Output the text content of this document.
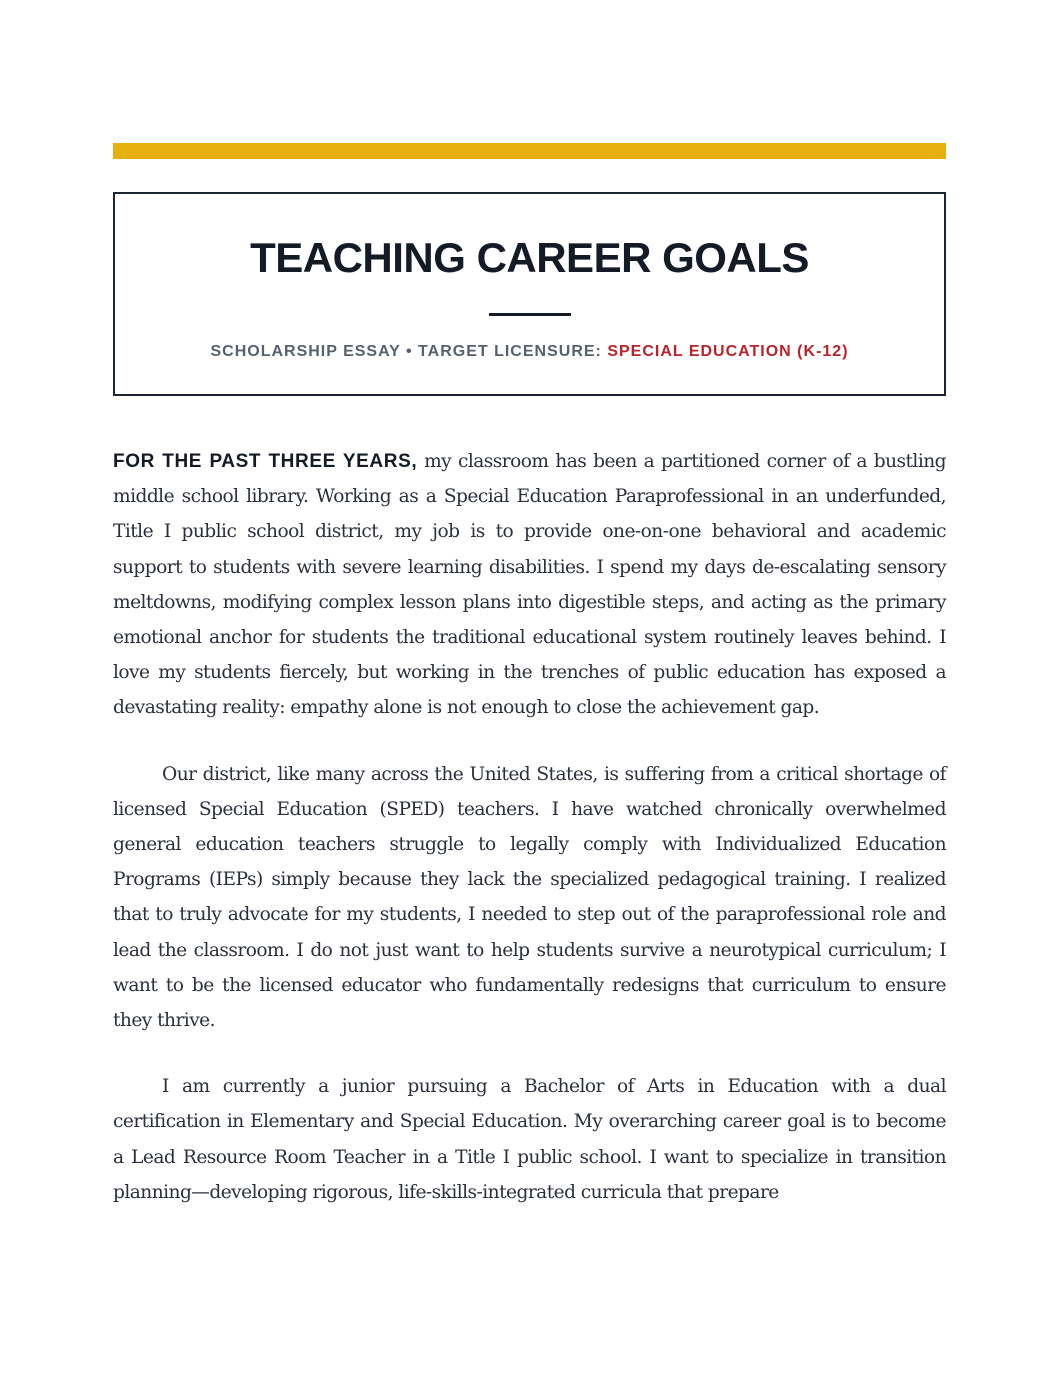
TEACHING CAREER GOALS
SCHOLARSHIP ESSAY • TARGET LICENSURE: SPECIAL EDUCATION (K-12)

FOR THE PAST THREE YEARS, my classroom has been a partitioned corner of a bustling middle school library. Working as a Special Education Paraprofessional in an underfunded, Title I public school district, my job is to provide one-on-one behavioral and academic support to students with severe learning disabilities. I spend my days de-escalating sensory meltdowns, modifying complex lesson plans into digestible steps, and acting as the primary emotional anchor for students the traditional educational system routinely leaves behind. I love my students fiercely, but working in the trenches of public education has exposed a devastating reality: empathy alone is not enough to close the achievement gap.

Our district, like many across the United States, is suffering from a critical shortage of licensed Special Education (SPED) teachers. I have watched chronically overwhelmed general education teachers struggle to legally comply with Individualized Education Programs (IEPs) simply because they lack the specialized pedagogical training. I realized that to truly advocate for my students, I needed to step out of the paraprofessional role and lead the classroom. I do not just want to help students survive a neurotypical curriculum; I want to be the licensed educator who fundamentally redesigns that curriculum to ensure they thrive.

I am currently a junior pursuing a Bachelor of Arts in Education with a dual certification in Elementary and Special Education. My overarching career goal is to become a Lead Resource Room Teacher in a Title I public school. I want to specialize in transition planning—developing rigorous, life-skills-integrated curricula that prepare
